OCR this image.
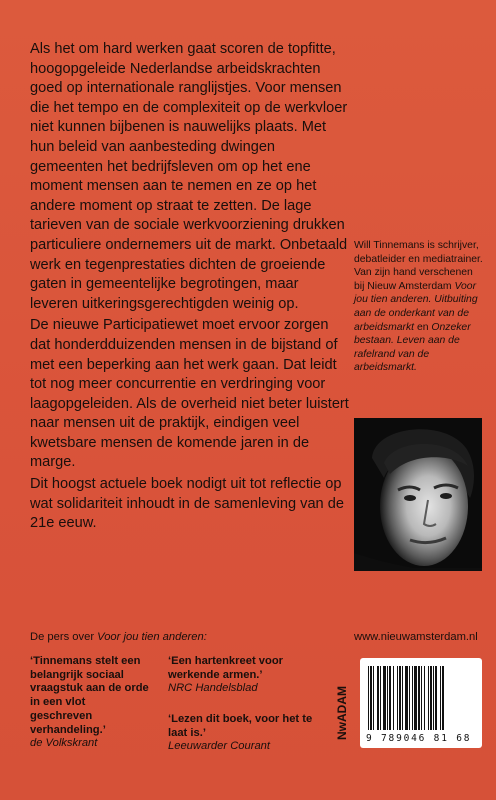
Als het om hard werken gaat scoren de topfitte, hoogopgeleide Nederlandse arbeidskrachten goed op internationale ranglijstjes. Voor mensen die het tempo en de complexiteit op de werkvloer niet kunnen bijbenen is nauwelijks plaats. Met hun beleid van aanbesteding dwingen gemeenten het bedrijfsleven om op het ene moment mensen aan te nemen en ze op het andere moment op straat te zetten. De lage tarieven van de sociale werkvoorziening drukken particuliere ondernemers uit de markt. Onbetaald werk en tegenprestaties dichten de groeiende gaten in gemeentelijke begrotingen, maar leveren uitkeringsgerechtigden weinig op.

De nieuwe Participatiewet moet ervoor zorgen dat honderdduizenden mensen in de bijstand of met een beperking aan het werk gaan. Dat leidt tot nog meer concurrentie en verdringing voor laagopgeleiden. Als de overheid niet beter luistert naar mensen uit de praktijk, eindigen veel kwetsbare mensen de komende jaren in de marge.

Dit hoogst actuele boek nodigt uit tot reflectie op wat solidariteit inhoudt in de samenleving van de 21e eeuw.

Will Tinnemans is schrijver, debatleider en mediatrainer. Van zijn hand verschenen bij Nieuw Amsterdam Voor jou tien anderen. Uitbuiting aan de onderkant van de arbeidsmarkt en Onzeker bestaan. Leven aan de rafelrand van de arbeidsmarkt.
De pers over Voor jou tien anderen:
‘Tinnemans stelt een belangrijk sociaal vraagstuk aan de orde in een vlot geschreven verhandeling.’
de Volkskrant
‘Een hartenkreet voor werkende armen.’
NRC Handelsblad
‘Lezen dit boek, voor het te laat is.’
Leeuwarder Courant
www.nieuwamsterdam.nl
NwADAM 9 789046 81 68
